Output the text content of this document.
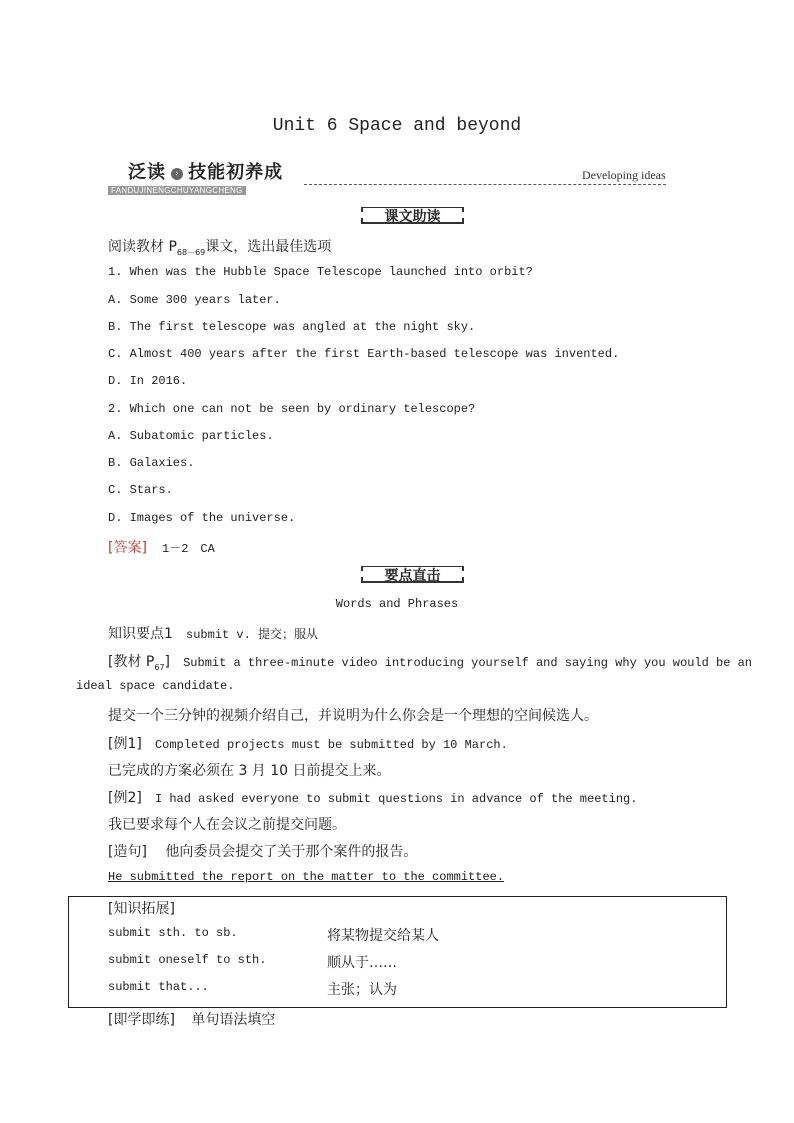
Unit 6 Space and beyond
泛读 › 技能初养成
FANDUJINENGCHUYANGCHENG
Developing ideas
课文助读
阅读教材 $P_{68-69}$课文，选出最佳选项
1. When was the Hubble Space Telescope launched into orbit?
A. Some 300 years later.
B. The first telescope was angled at the night sky.
C. Almost 400 years after the first Earth-based telescope was invented.
D. In 2016.
2. Which one can not be seen by ordinary telescope?
A. Subatomic particles.
B. Galaxies.
C. Stars.
D. Images of the universe.
[答案] 1－2　CA
要点直击
Words and Phrases
知识要点1 submit v. 提交；服从
[教材 $P_{67}$] Submit a three-minute video introducing yourself and saying why you would be an
ideal space candidate.
提交一个三分钟的视频介绍自己，并说明为什么你会是一个理想的空间候选人。
[例1] Completed projects must be submitted by 10 March.
已完成的方案必须在 3 月 10 日前提交上来。
[例2] I had asked everyone to submit questions in advance of the meeting.
我已要求每个人在会议之前提交问题。
[造句] 他向委员会提交了关于那个案件的报告。
He submitted the report on the matter to the committee.
[知识拓展]
submit sth. to sb.	将某物提交给某人
submit oneself to sth.	顺从于……
submit that...	主张；认为
[即学即练] 单句语法填空
